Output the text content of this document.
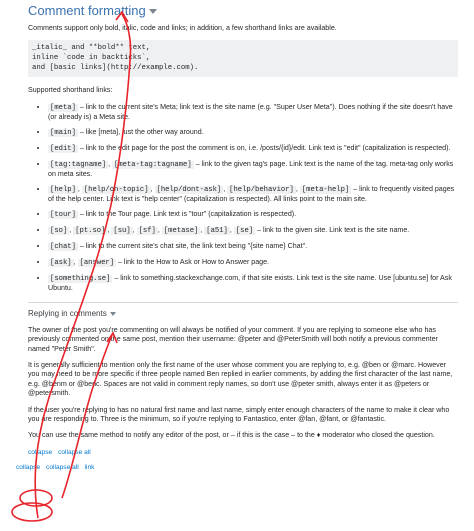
Comment formatting

Comments support only bold, italic, code and links; in addition, a few shorthand links are available.

_italic_ and **bold** text,
inline `code in backticks`,
and [basic links](http://example.com).

Supported shorthand links:

• [meta] – link to the current site's Meta; link text is the site name (e.g. "Super User Meta"). Does nothing if the site doesn't have (or already is) a Meta site.
• [main] – like [meta], just the other way around.
• [edit] – link to the edit page for the post the comment is on, i.e. /posts/{id}/edit. Link text is "edit" (capitalization is respected).
• [tag:tagname] , [meta-tag:tagname] – link to the given tag's page. Link text is the name of the tag. meta-tag only works on meta sites.
• [help] , [help/on-topic] , [help/dont-ask] , [help/behavior] , [meta-help] – link to frequently visited pages of the help center. Link text is "help center" (capitalization is respected). All links point to the main site.
• [tour] – link to the Tour page. Link text is "tour" (capitalization is respected).
• [so] , [pt.so] , [su] , [sf] , [metase] , [a51] , [se] – link to the given site. Link text is the site name.
• [chat] – link to the current site's chat site, the link text being "{site name} Chat".
• [ask] , [answer] – link to the How to Ask or How to Answer page.
• [something.se] – link to something.stackexchange.com, if that site exists. Link text is the site name. Use [ubuntu.se] for Ask Ubuntu.
Replying in comments

The owner of the post you're commenting on will always be notified of your comment. If you are replying to someone else who has previously commented on the same post, mention their username: @peter and @PeterSmith will both notify a previous commenter named "Peter Smith".

It is generally sufficient to mention only the first name of the user whose comment you are replying to, e.g. @ben or @marc. However you may need to be more specific if three people named Ben replied in earlier comments, by adding the first character of the last name, e.g. @benm or @benc. Spaces are not valid in comment reply names, so don't use @peter smith, always enter it as @peters or @petersmith.

If the user you're replying to has no natural first name and last name, simply enter enough characters of the name to make it clear who you are responding to. Three is the minimum, so if you're replying to Fantastico, enter @fan, @fant, or @fantastic.

You can use the same method to notify any editor of the post, or – if this is the case – to the ♦ moderator who closed the question.

collapse collapse all
collapse collapse all link
